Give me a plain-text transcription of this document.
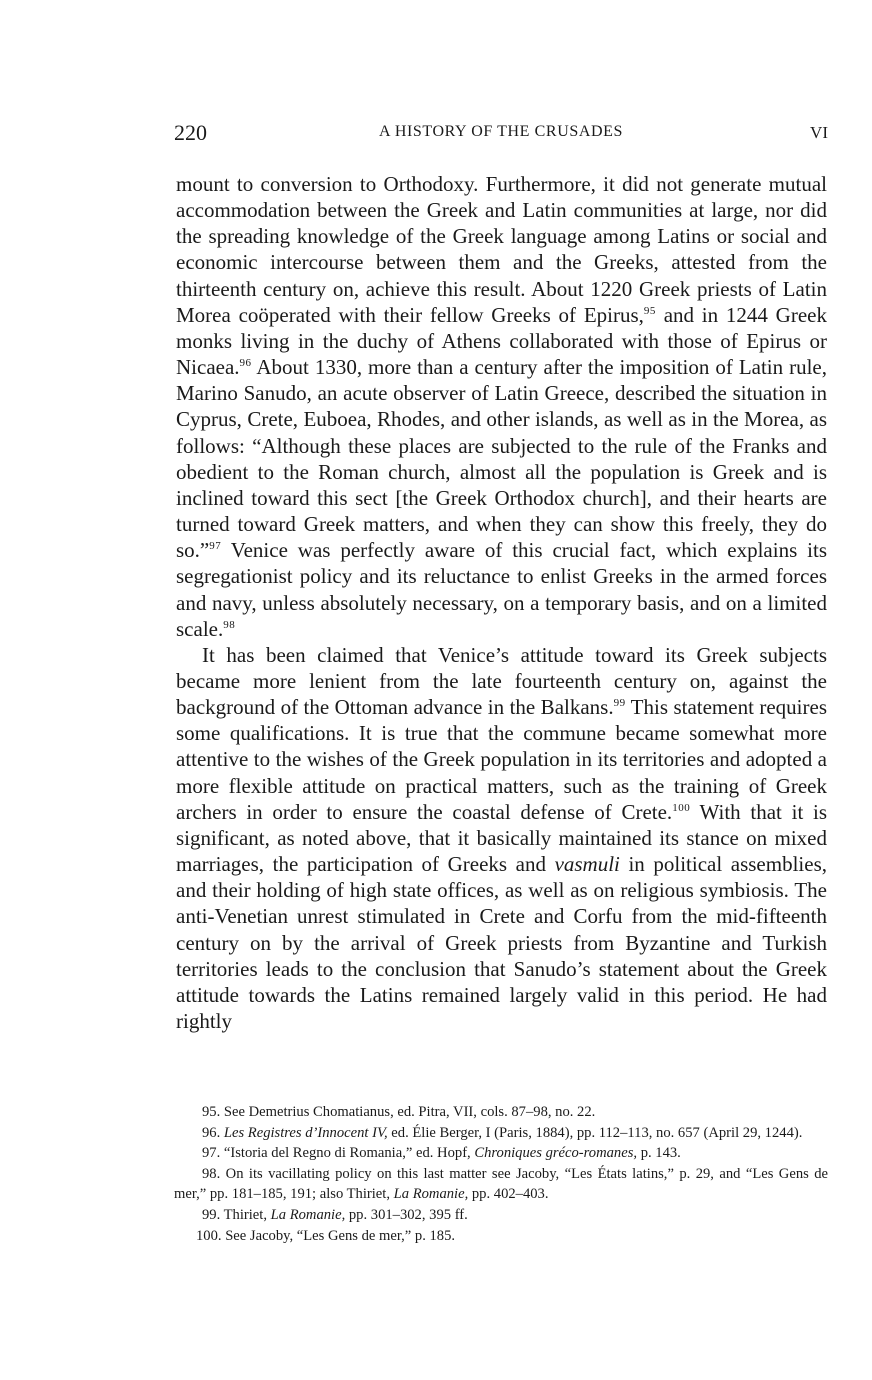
220	A HISTORY OF THE CRUSADES	VI

mount to conversion to Orthodoxy. Furthermore, it did not generate mutual accommodation between the Greek and Latin communities at large, nor did the spreading knowledge of the Greek language among Latins or social and economic intercourse between them and the Greeks, attested from the thirteenth century on, achieve this result. About 1220 Greek priests of Latin Morea coöperated with their fellow Greeks of Epirus,$^{95}$ and in 1244 Greek monks living in the duchy of Athens collaborated with those of Epirus or Nicaea.$^{96}$ About 1330, more than a century after the imposition of Latin rule, Marino Sanudo, an acute observer of Latin Greece, described the situation in Cyprus, Crete, Euboea, Rhodes, and other islands, as well as in the Morea, as follows: “Although these places are subjected to the rule of the Franks and obedient to the Roman church, almost all the population is Greek and is inclined toward this sect [the Greek Orthodox church], and their hearts are turned toward Greek matters, and when they can show this freely, they do so.”$^{97}$ Venice was perfectly aware of this crucial fact, which explains its segregationist policy and its reluctance to enlist Greeks in the armed forces and navy, unless absolutely necessary, on a temporary basis, and on a limited scale.$^{98}$

It has been claimed that Venice’s attitude toward its Greek subjects became more lenient from the late fourteenth century on, against the background of the Ottoman advance in the Balkans.$^{99}$ This statement requires some qualifications. It is true that the commune became somewhat more attentive to the wishes of the Greek population in its territories and adopted a more flexible attitude on practical matters, such as the training of Greek archers in order to ensure the coastal defense of Crete.$^{100}$ With that it is significant, as noted above, that it basically maintained its stance on mixed marriages, the participation of Greeks and vasmuli in political assemblies, and their holding of high state offices, as well as on religious symbiosis. The anti-Venetian unrest stimulated in Crete and Corfu from the mid-fifteenth century on by the arrival of Greek priests from Byzantine and Turkish territories leads to the conclusion that Sanudo’s statement about the Greek attitude towards the Latins remained largely valid in this period. He had rightly

95. See Demetrius Chomatianus, ed. Pitra, VII, cols. 87–98, no. 22.

96. Les Registres d’Innocent IV, ed. Élie Berger, I (Paris, 1884), pp. 112–113, no. 657 (April 29, 1244).

97. “Istoria del Regno di Romania,” ed. Hopf, Chroniques gréco-romanes, p. 143.

98. On its vacillating policy on this last matter see Jacoby, “Les États latins,” p. 29, and “Les Gens de mer,” pp. 181–185, 191; also Thiriet, La Romanie, pp. 402–403.

99. Thiriet, La Romanie, pp. 301–302, 395 ff.

100. See Jacoby, “Les Gens de mer,” p. 185.
